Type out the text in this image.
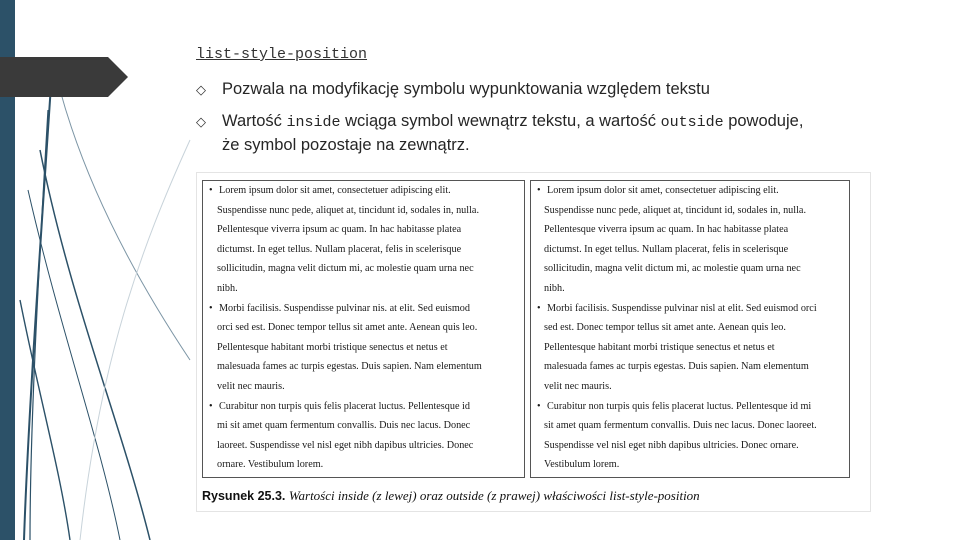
list-style-position
◇ Pozwala na modyfikację symbolu wypunktowania względem tekstu
◇ Wartość inside wciąga symbol wewnątrz tekstu, a wartość outside powoduje,
że symbol pozostaje na zewnątrz.
• Lorem ipsum dolor sit amet, consectetuer adipiscing elit.
Suspendisse nunc pede, aliquet at, tincidunt id, sodales in, nulla.
Pellentesque viverra ipsum ac quam. In hac habitasse platea
dictumst. In eget tellus. Nullam placerat, felis in scelerisque
sollicitudin, magna velit dictum mi, ac molestie quam urna nec
nibh.
• Morbi facilisis. Suspendisse pulvinar nis. at elit. Sed euismod
orci sed est. Donec tempor tellus sit amet ante. Aenean quis leo.
Pellentesque habitant morbi tristique senectus et netus et
malesuada fames ac turpis egestas. Duis sapien. Nam elementum
velit nec mauris.
• Curabitur non turpis quis felis placerat luctus. Pellentesque id
mi sit amet quam fermentum convallis. Duis nec lacus. Donec
laoreet. Suspendisse vel nisl eget nibh dapibus ultricies. Donec
ornare. Vestibulum lorem.
• Lorem ipsum dolor sit amet, consectetuer adipiscing elit.
Suspendisse nunc pede, aliquet at, tincidunt id, sodales in, nulla.
Pellentesque viverra ipsum ac quam. In hac habitasse platea
dictumst. In eget tellus. Nullam placerat, felis in scelerisque
sollicitudin, magna velit dictum mi, ac molestie quam urna nec
nibh.
• Morbi facilisis. Suspendisse pulvinar nisl at elit. Sed euismod orci
sed est. Donec tempor tellus sit amet ante. Aenean quis leo.
Pellentesque habitant morbi tristique senectus et netus et
malesuada fames ac turpis egestas. Duis sapien. Nam elementum
velit nec mauris.
• Curabitur non turpis quis felis placerat luctus. Pellentesque id mi
sit amet quam fermentum convallis. Duis nec lacus. Donec laoreet.
Suspendisse vel nisl eget nibh dapibus ultricies. Donec ornare.
Vestibulum lorem.
Rysunek 25.3. Wartości inside (z lewej) oraz outside (z prawej) właściwości list-style-position
